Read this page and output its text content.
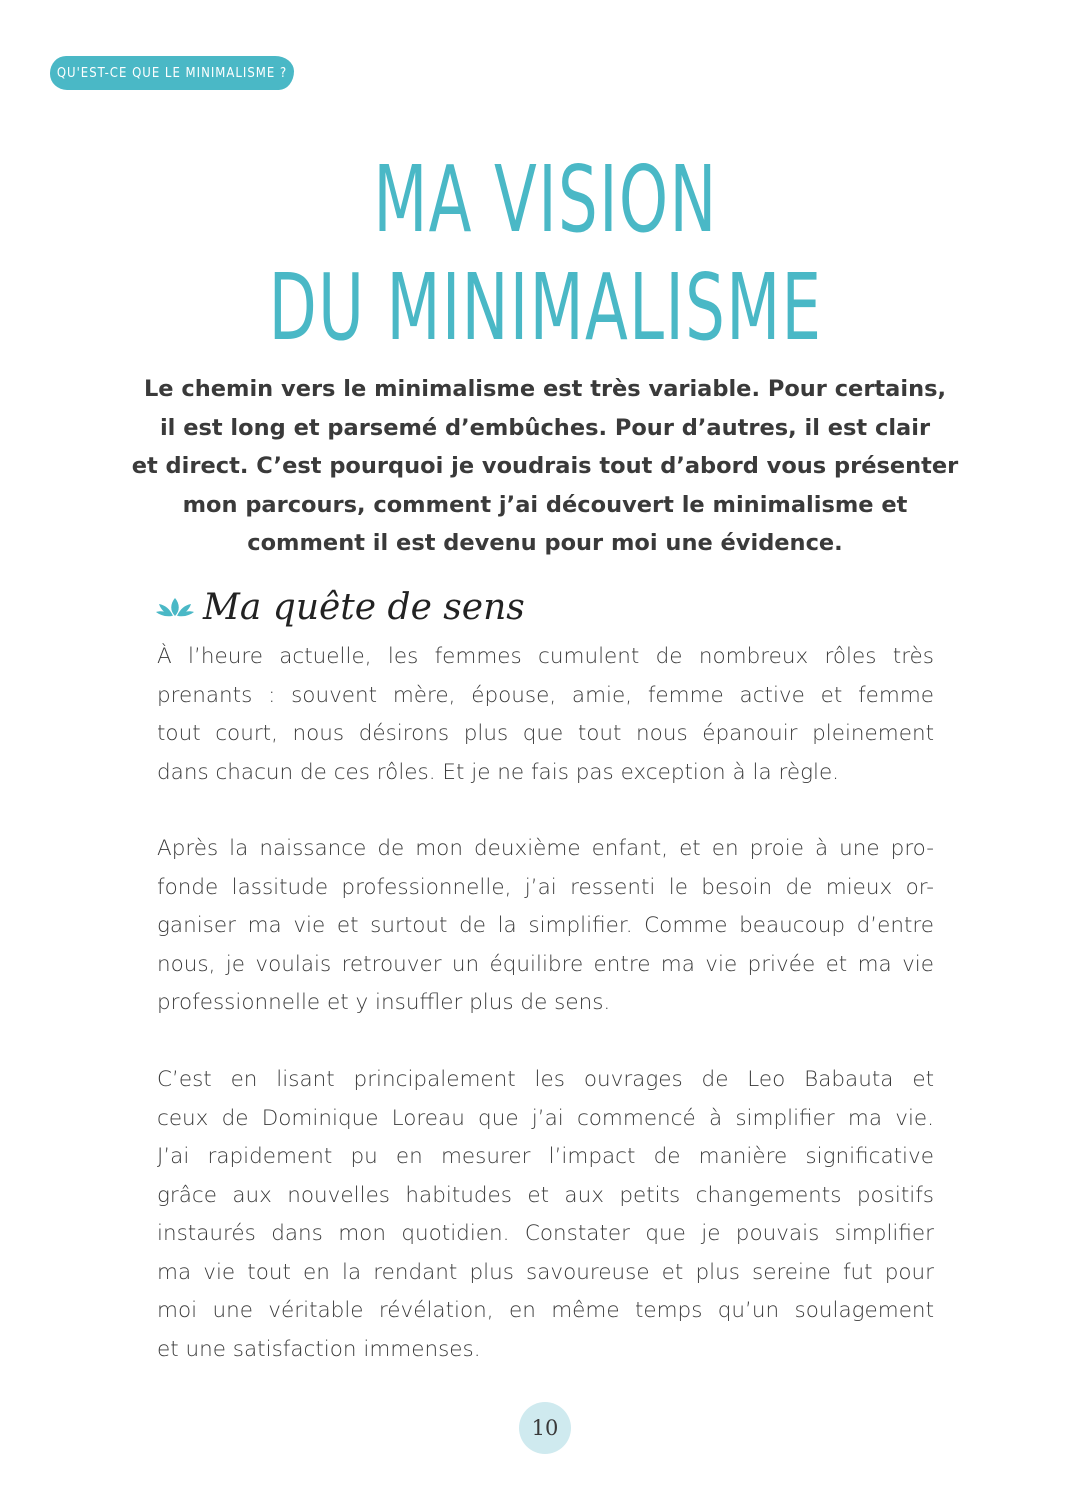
QU'EST-CE QUE LE MINIMALISME ?
MA VISION
DU MINIMALISME

Le chemin vers le minimalisme est très variable. Pour certains,
il est long et parsemé d’embûches. Pour d’autres, il est clair
et direct. C’est pourquoi je voudrais tout d’abord vous présenter
mon parcours, comment j’ai découvert le minimalisme et
comment il est devenu pour moi une évidence.

Ma quête de sens

À l’heure actuelle, les femmes cumulent de nombreux rôles très
prenants : souvent mère, épouse, amie, femme active et femme
tout court, nous désirons plus que tout nous épanouir pleinement
dans chacun de ces rôles. Et je ne fais pas exception à la règle.

Après la naissance de mon deuxième enfant, et en proie à une pro-
fonde lassitude professionnelle, j’ai ressenti le besoin de mieux or-
ganiser ma vie et surtout de la simplifier. Comme beaucoup d’entre
nous, je voulais retrouver un équilibre entre ma vie privée et ma vie
professionnelle et y insuffler plus de sens.

C’est en lisant principalement les ouvrages de Leo Babauta et
ceux de Dominique Loreau que j’ai commencé à simplifier ma vie.
J’ai rapidement pu en mesurer l’impact de manière significative
grâce aux nouvelles habitudes et aux petits changements positifs
instaurés dans mon quotidien. Constater que je pouvais simplifier
ma vie tout en la rendant plus savoureuse et plus sereine fut pour
moi une véritable révélation, en même temps qu’un soulagement
et une satisfaction immenses.

10
